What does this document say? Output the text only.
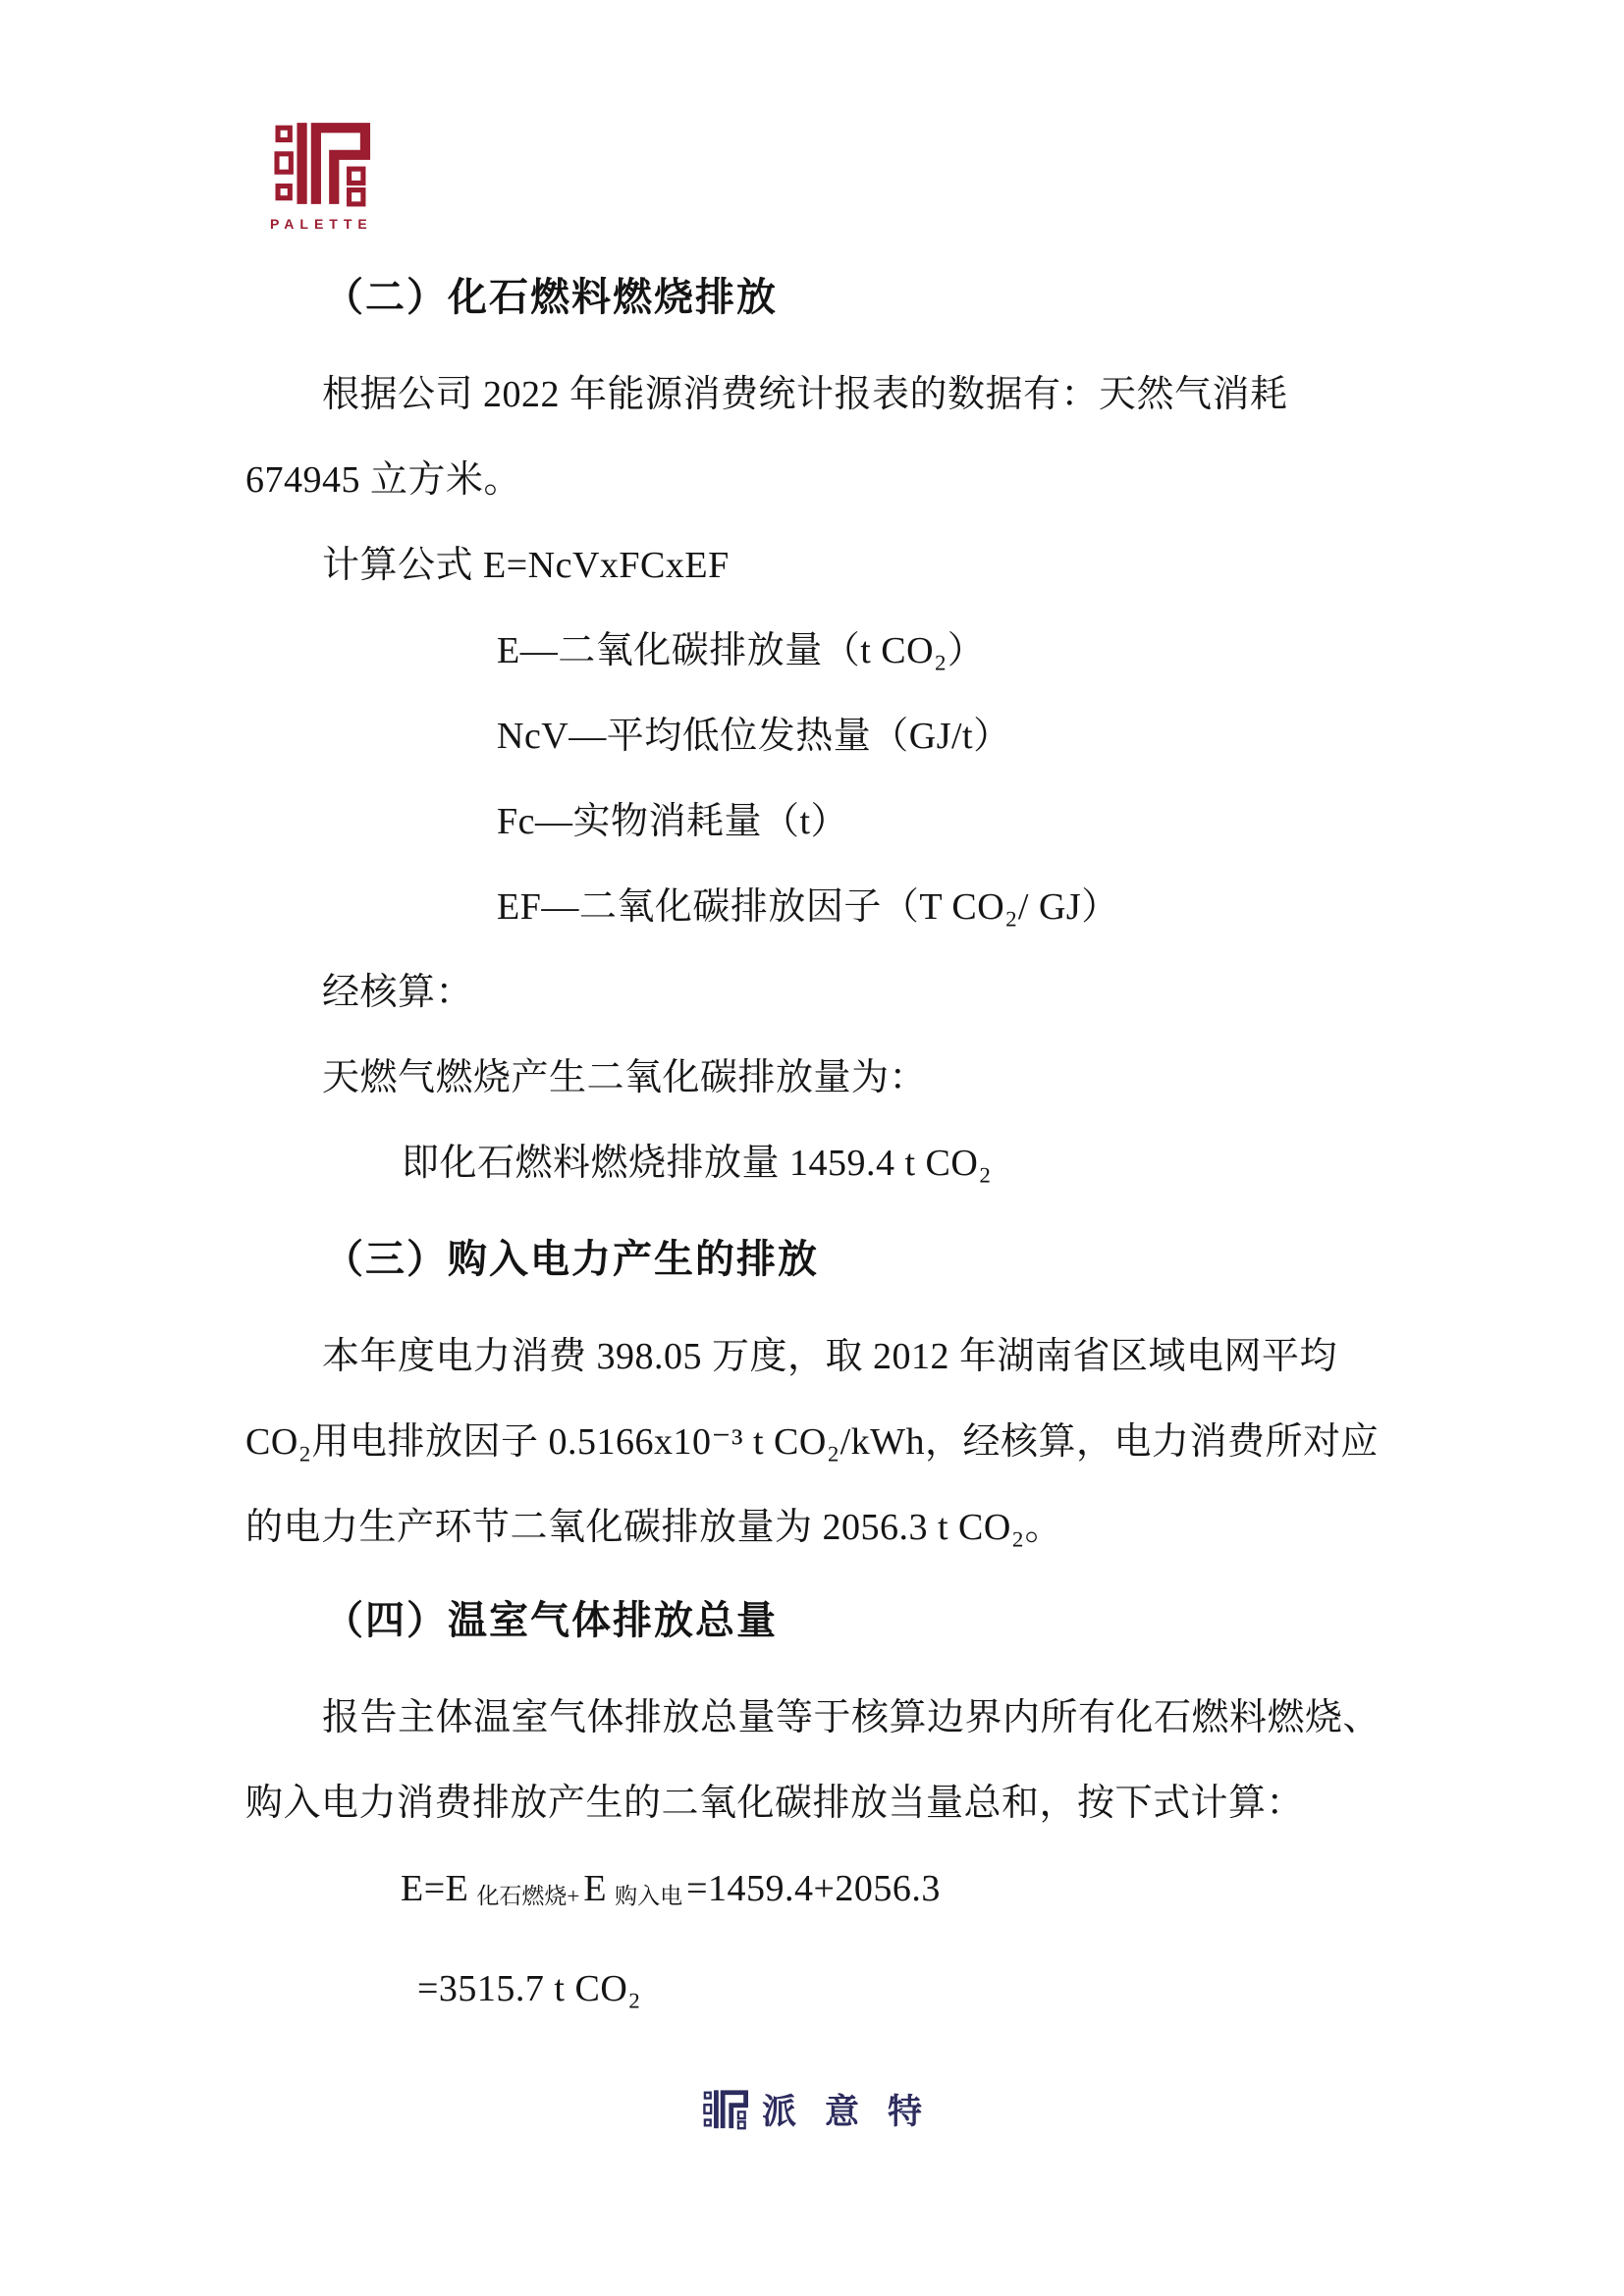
PALETTE
（二）化石燃料燃烧排放
根据公司 2022 年能源消费统计报表的数据有：天然气消耗
674945 立方米。
计算公式 E=NcVxFCxEF
E—二氧化碳排放量（t CO₂）
NcV—平均低位发热量（GJ/t）
Fc—实物消耗量（t）
EF—二氧化碳排放因子（T CO₂/ GJ）
经核算：
天燃气燃烧产生二氧化碳排放量为：
即化石燃料燃烧排放量 1459.4 t CO₂
（三）购入电力产生的排放
本年度电力消费 398.05 万度，取 2012 年湖南省区域电网平均
CO₂用电排放因子 0.5166x10⁻³ t CO₂/kWh，经核算，电力消费所对应
的电力生产环节二氧化碳排放量为 2056.3 t CO₂。
（四）温室气体排放总量
报告主体温室气体排放总量等于核算边界内所有化石燃料燃烧、
购入电力消费排放产生的二氧化碳排放当量总和，按下式计算：
E=E 化石燃烧+ E 购入电 =1459.4+2056.3
=3515.7 t CO₂
派意特
